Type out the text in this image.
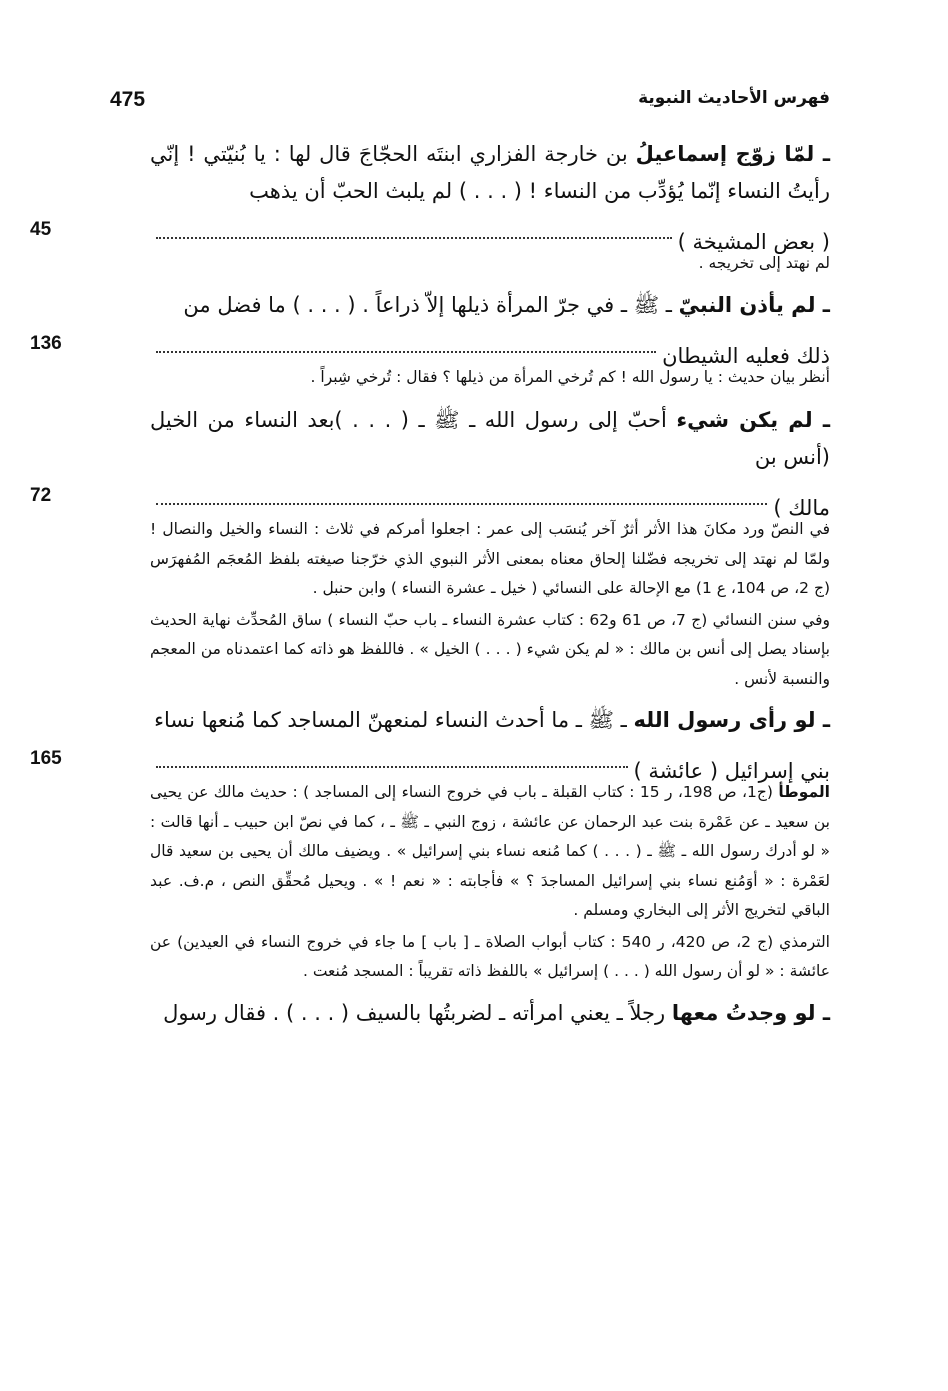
475	فهرس الأحاديث النبوية

ـ لمّا زوّج إسماعيلُ بن خارجة الفزاري ابنتَه الحجّاجَ قال لها : يا بُنيّتي ! إنّي رأيتُ النساء إنّما يُؤدِّب من النساء ! ( . . . ) لم يلبث الحبّ أن يذهب

( بعض المشيخة )
45

لم نهتد إلى تخريجه .

ـ لم يأذن النبيّ ـ ﷺ ـ في جرّ المرأة ذيلها إلاّ ذراعاً . ( . . . ) ما فضل من

ذلك فعليه الشيطان
136

أنظر بيان حديث : يا رسول الله ! كم تُرخي المرأة من ذيلها ؟ فقال : تُرخي شِبراً .

ـ لم يكن شيء أحبّ إلى رسول الله ـ ﷺ ـ ( . . . )بعد النساء من الخيل (أنس بن

مالك )
72

في النصّ ورد مكانَ هذا الأثر أثرٌ آخر يُنسَب إلى عمر : اجعلوا أمركم في ثلاث : النساء والخيل والنصال ! ولمّا لم نهتد إلى تخريجه فضّلنا إلحاق معناه بمعنى الأثر النبوي الذي خرّجنا صيغته بلفظ المُعجَم المُفهرَس (ج 2، ص 104، ع 1) مع الإحالة على النسائي ( خيل ـ عشرة النساء ) وابن حنبل .

وفي سنن النسائي (ج 7، ص 61 و62 : كتاب عشرة النساء ـ باب حبّ النساء ) ساق المُحدِّث نهاية الحديث بإسناد يصل إلى أنس بن مالك : « لم يكن شيء ( . . . ) الخيل » . فاللفظ هو ذاته كما اعتمدناه من المعجم والنسبة لأنس .

ـ لو رأى رسول الله ـ ﷺ ـ ما أحدث النساء لمنعهنّ المساجد كما مُنعها نساء

بني إسرائيل ( عائشة )
165

الموطأ (ج1، ص 198، ر 15 : كتاب القبلة ـ باب في خروج النساء إلى المساجد ) : حديث مالك عن يحيى بن سعيد ـ عن عَمْرة بنت عبد الرحمان عن عائشة ، زوج النبي ـ ﷺ ـ ، كما في نصّ ابن حبيب ـ أنها قالت : « لو أدرك رسول الله ـ ﷺ ـ ( . . . ) كما مُنعه نساء بني إسرائيل » . ويضيف مالك أن يحيى بن سعيد قال لعَمْرة : « أوَمُنع نساء بني إسرائيل المساجدَ ؟ » فأجابته : « نعم ! » . ويحيل مُحقِّق النص ، م.ف. عبد الباقي لتخريج الأثر إلى البخاري ومسلم .

الترمذي (ج 2، ص 420، ر 540 : كتاب أبواب الصلاة ـ [ باب ] ما جاء في خروج النساء في العيدين) عن عائشة : « لو أن رسول الله ( . . . ) إسرائيل » باللفظ ذاته تقريباً : المسجد مُنعت .

ـ لو وجدتُ معها رجلاً ـ يعني امرأته ـ لضربتُها بالسيف ( . . . ) . فقال رسول
